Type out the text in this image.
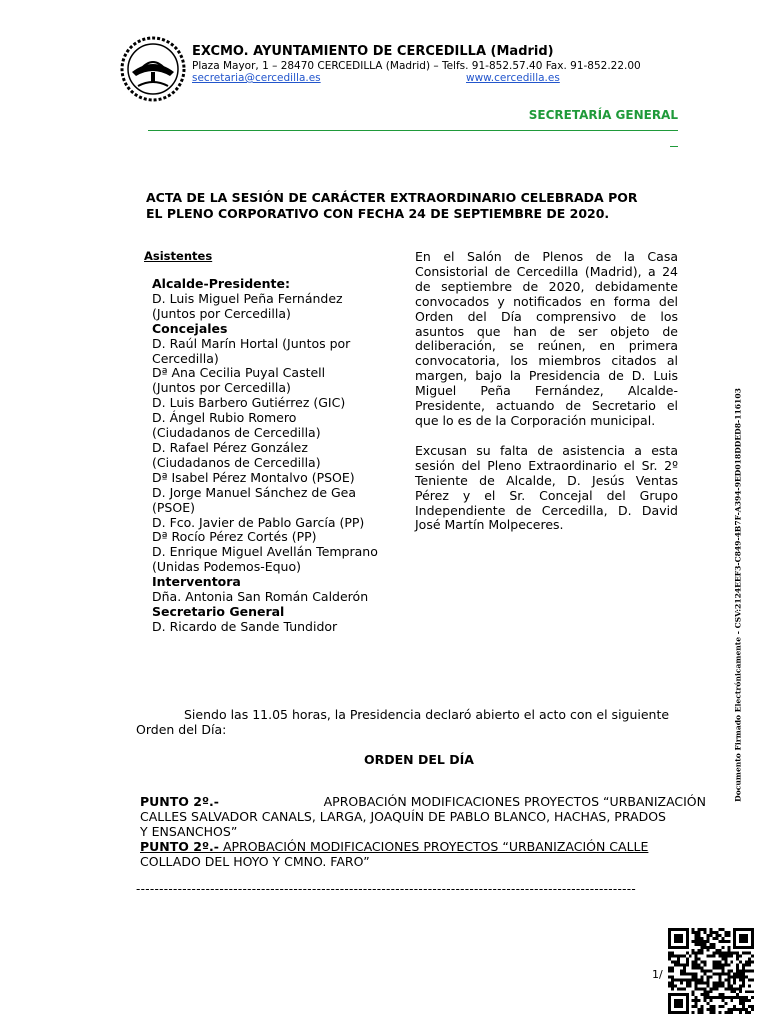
EXCMO. AYUNTAMIENTO DE CERCEDILLA (Madrid)
Plaza Mayor, 1 – 28470 CERCEDILLA (Madrid) – Telfs. 91-852.57.40 Fax. 91-852.22.00
secretaria@cercedilla.es	www.cercedilla.es
SECRETARÍA GENERAL
ACTA DE LA SESIÓN DE CARÁCTER EXTRAORDINARIO CELEBRADA POR
EL PLENO CORPORATIVO CON FECHA 24 DE SEPTIEMBRE DE 2020.
Asistentes
Alcalde-Presidente:
D. Luis Miguel Peña Fernández
(Juntos por Cercedilla)
Concejales
D. Raúl Marín Hortal (Juntos por
Cercedilla)
Dª Ana Cecilia Puyal Castell
(Juntos por Cercedilla)
D. Luis Barbero Gutiérrez (GIC)
D. Ángel Rubio Romero
(Ciudadanos de Cercedilla)
D. Rafael Pérez González
(Ciudadanos de Cercedilla)
Dª Isabel Pérez Montalvo (PSOE)
D. Jorge Manuel Sánchez de Gea
(PSOE)
D. Fco. Javier de Pablo García (PP)
Dª Rocío Pérez Cortés (PP)
D. Enrique Miguel Avellán Temprano
(Unidas Podemos-Equo)
Interventora
Dña. Antonia San Román Calderón
Secretario General
D. Ricardo de Sande Tundidor
En el Salón de Plenos de la Casa
Consistorial de Cercedilla (Madrid), a 24
de septiembre de 2020, debidamente
convocados y notificados en forma del
Orden del Día comprensivo de los
asuntos que han de ser objeto de
deliberación, se reúnen, en primera
convocatoria, los miembros citados al
margen, bajo la Presidencia de D. Luis
Miguel Peña Fernández, Alcalde-
Presidente, actuando de Secretario el
que lo es de la Corporación municipal.
Excusan su falta de asistencia a esta
sesión del Pleno Extraordinario el Sr. 2º
Teniente de Alcalde, D. Jesús Ventas
Pérez y el Sr. Concejal del Grupo
Independiente de Cercedilla, D. David
José Martín Molpeceres.	Documento Firmado Electrónicamente - CSV:2124EEF3-C849-4B7F-A394-9ED018DDED8-116103
Siendo las 11.05 horas, la Presidencia declaró abierto el acto con el siguiente
Orden del Día:
ORDEN DEL DÍA
PUNTO 2º.-	APROBACIÓN MODIFICACIONES PROYECTOS “URBANIZACIÓN
CALLES SALVADOR CANALS, LARGA, JOAQUÍN DE PABLO BLANCO, HACHAS, PRADOS
Y ENSANCHOS”
PUNTO 2º.- APROBACIÓN MODIFICACIONES PROYECTOS “URBANIZACIÓN CALLE
COLLADO DEL HOYO Y CMNO. FARO”
------------------------------------------------------------------------------------------------------------
1/
